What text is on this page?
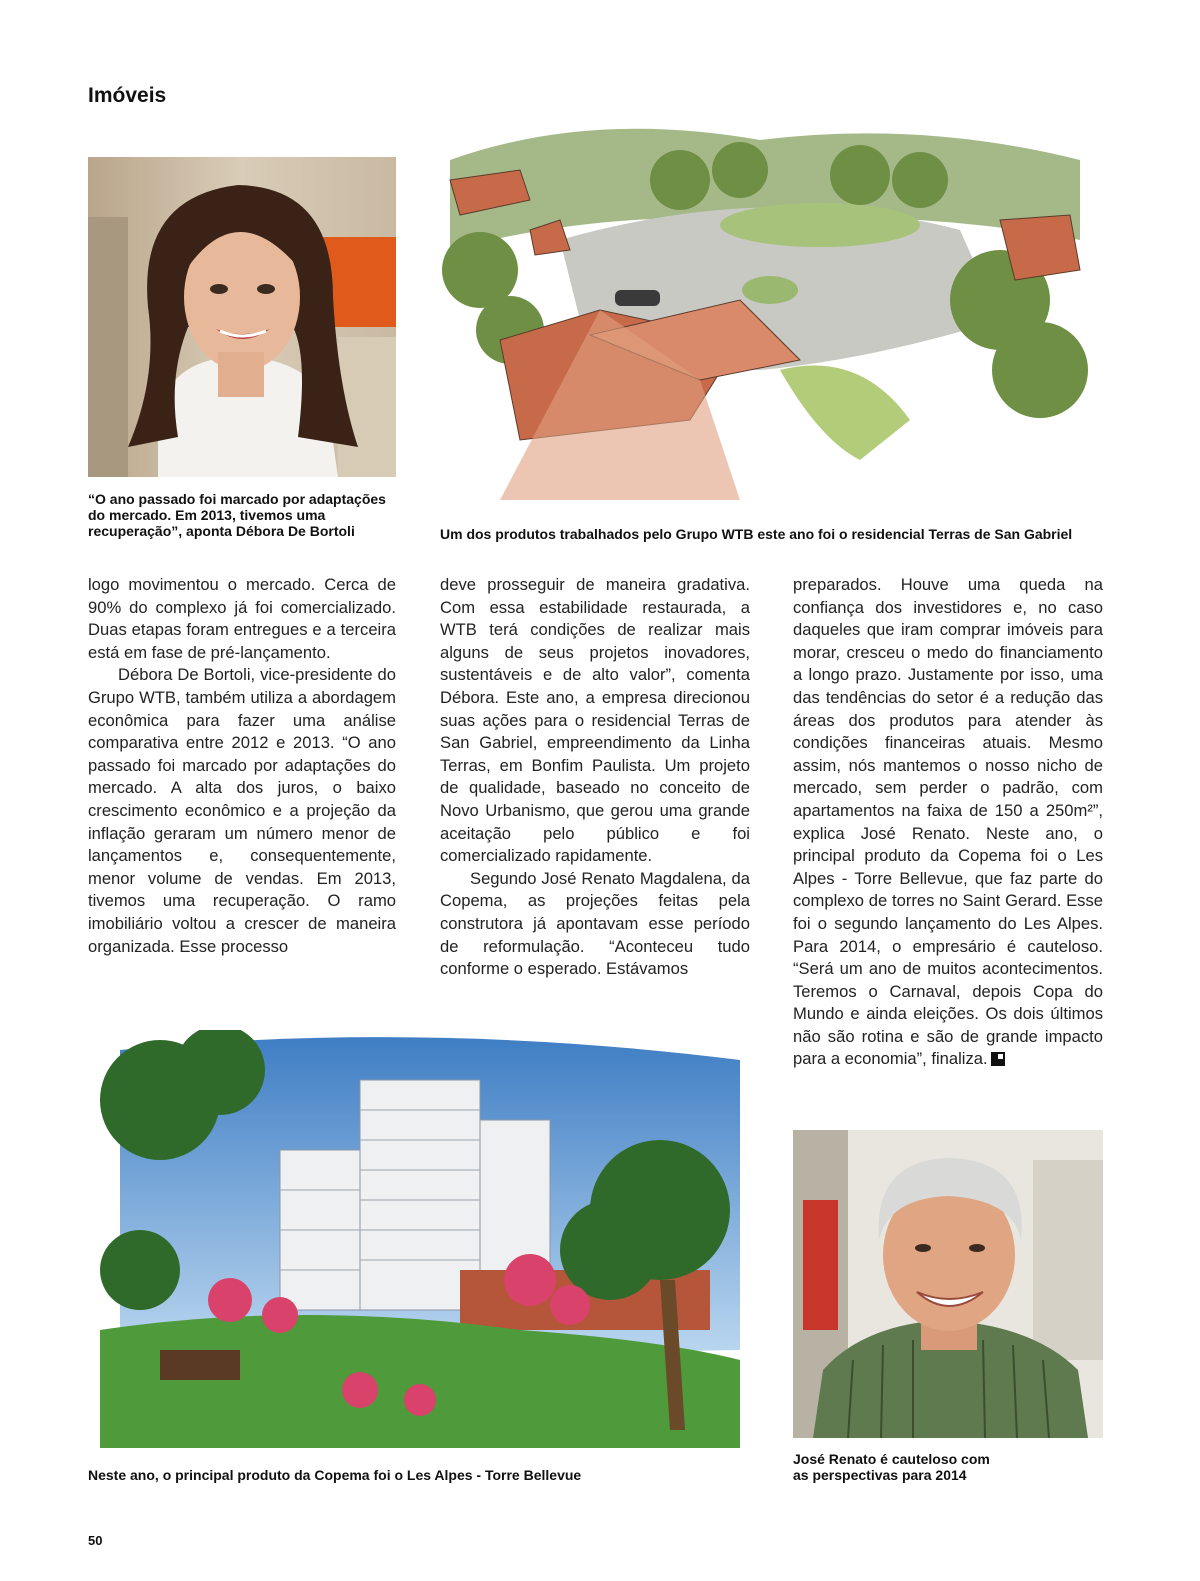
Imóveis
“O ano passado foi marcado por adaptações
do mercado. Em 2013, tivemos uma
recuperação”, aponta Débora De Bortoli	Um dos produtos trabalhados pelo Grupo WTB este ano foi o residencial Terras de San Gabriel

logo movimentou o mercado. Cerca de 90% do complexo já foi comercializado. Duas etapas foram entregues e a terceira está em fase de pré-lançamento.

Débora De Bortoli, vice-presidente do Grupo WTB, também utiliza a abordagem econômica para fazer uma análise comparativa entre 2012 e 2013. “O ano passado foi marcado por adaptações do mercado. A alta dos juros, o baixo crescimento econômico e a projeção da inflação geraram um número menor de lançamentos e, consequentemente, menor volume de vendas. Em 2013, tivemos uma recuperação. O ramo imobiliário voltou a crescer de maneira organizada. Esse processo

deve prosseguir de maneira gradativa. Com essa estabilidade restaurada, a WTB terá condições de realizar mais alguns de seus projetos inovadores, sustentáveis e de alto valor”, comenta Débora. Este ano, a empresa direcionou suas ações para o residencial Terras de San Gabriel, empreendimento da Linha Terras, em Bonfim Paulista. Um projeto de qualidade, baseado no conceito de Novo Urbanismo, que gerou uma grande aceitação pelo público e foi comercializado rapidamente.

Segundo José Renato Magdalena, da Copema, as projeções feitas pela construtora já apontavam esse período de reformulação. “Aconteceu tudo conforme o esperado. Estávamos

preparados. Houve uma queda na confiança dos investidores e, no caso daqueles que iram comprar imóveis para morar, cresceu o medo do financiamento a longo prazo. Justamente por isso, uma das tendências do setor é a redução das áreas dos produtos para atender às condições financeiras atuais. Mesmo assim, nós mantemos o nosso nicho de mercado, sem perder o padrão, com apartamentos na faixa de 150 a 250m²”, explica José Renato. Neste ano, o principal produto da Copema foi o Les Alpes - Torre Bellevue, que faz parte do complexo de torres no Saint Gerard. Esse foi o segundo lançamento do Les Alpes. Para 2014, o empresário é cauteloso. “Será um ano de muitos acontecimentos. Teremos o Carnaval, depois Copa do Mundo e ainda eleições. Os dois últimos não são rotina e são de grande impacto para a economia”, finaliza.

Neste ano, o principal produto da Copema foi o Les Alpes - Torre Bellevue
José Renato é cauteloso com
as perspectivas para 2014
50
